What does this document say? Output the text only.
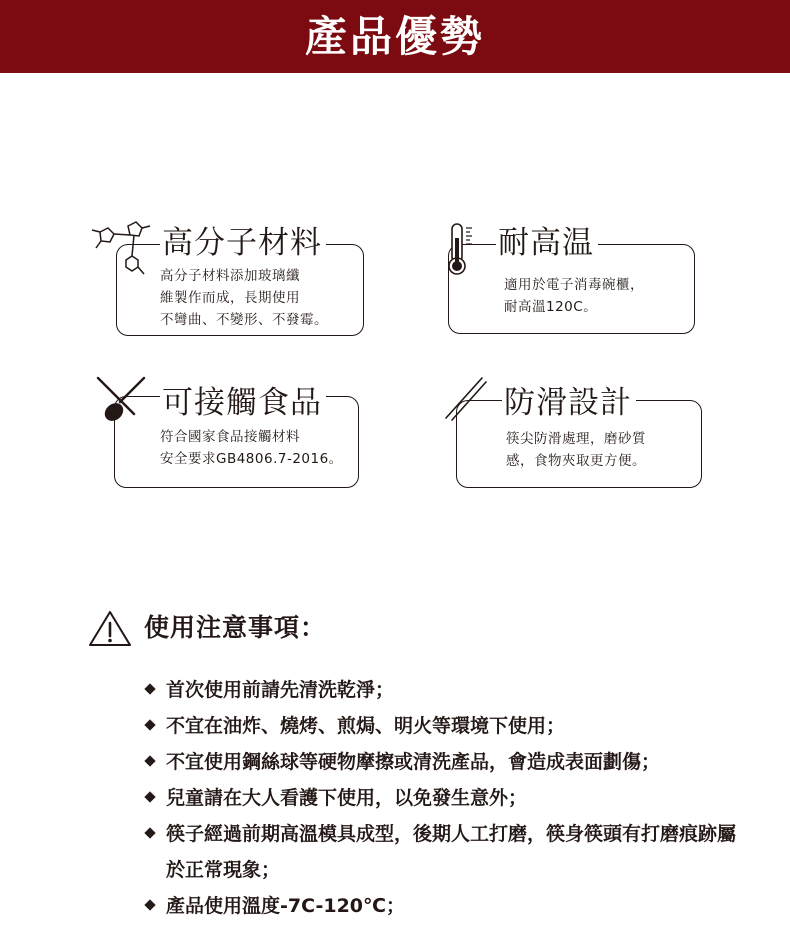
產品優勢
高分子材料
高分子材料添加玻璃纖
維製作而成，長期使用
不彎曲、不變形、不發霉。
耐高温
適用於電子消毒碗櫃，
耐高溫120C。
可接觸食品
符合國家食品接觸材料
安全要求GB4806.7-2016。
防滑設計
筷尖防滑處理，磨砂質
感，食物夾取更方便。
使用注意事項：
首次使用前請先清洗乾淨；
不宜在油炸、燒烤、煎焗、明火等環境下使用；
不宜使用鋼絲球等硬物摩擦或清洗產品，會造成表面劃傷；
兒童請在大人看護下使用，以免發生意外；
筷子經過前期高溫模具成型，後期人工打磨，筷身筷頭有打磨痕跡屬於正常現象；
產品使用溫度-7C-120℃；
